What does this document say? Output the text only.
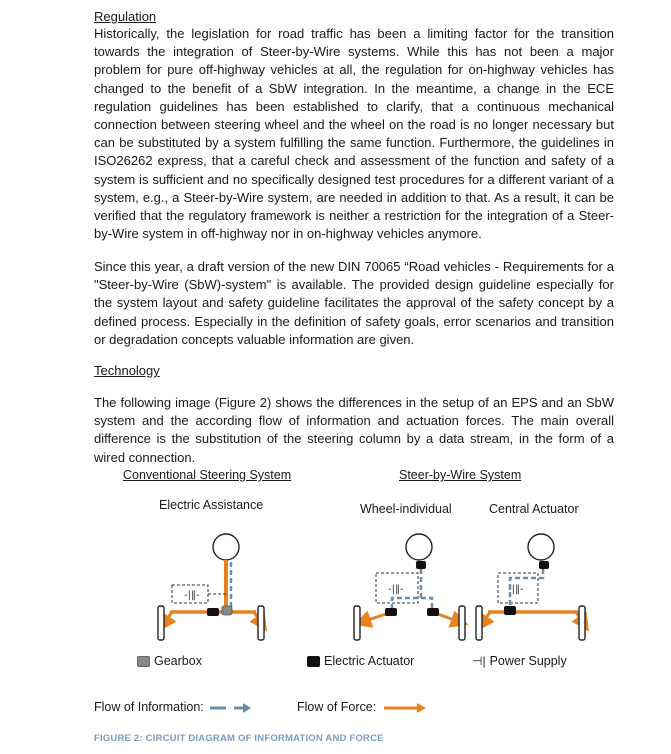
Regulation

Historically, the legislation for road traffic has been a limiting factor for the transition towards the integration of Steer-by-Wire systems. While this has not been a major problem for pure off-highway vehicles at all, the regulation for on-highway vehicles has changed to the benefit of a SbW integration. In the meantime, a change in the ECE regulation guidelines has been established to clarify, that a continuous mechanical connection between steering wheel and the wheel on the road is no longer necessary but can be substituted by a system fulfilling the same function. Furthermore, the guidelines in ISO26262 express, that a careful check and assessment of the function and safety of a system is sufficient and no specifically designed test procedures for a different variant of a system, e.g., a Steer-by-Wire system, are needed in addition to that. As a result, it can be verified that the regulatory framework is neither a restriction for the integration of a Steer-by-Wire system in off-highway nor in on-highway vehicles anymore.

Since this year, a draft version of the new DIN 70065 “Road vehicles - Requirements for a "Steer-by-Wire (SbW)-system" is available. The provided design guideline especially for the system layout and safety guideline facilitates the approval of the safety concept by a defined process. Especially in the definition of safety goals, error scenarios and transition or degradation concepts valuable information are given.

Technology

The following image (Figure 2) shows the differences in the setup of an EPS and an SbW system and the according flow of information and actuation forces. The main overall difference is the substitution of the steering column by a data stream, in the form of a wired connection.

Conventional Steering System	Steer-by-Wire System
Electric Assistance	Wheel-individual	Central Actuator
-|‖-
-|‖-	-|‖-
Gearbox	Electric Actuator	⊣| Power Supply
Flow of Information:	Flow of Force:
FIGURE 2: CIRCUIT DIAGRAM OF INFORMATION AND FORCE
